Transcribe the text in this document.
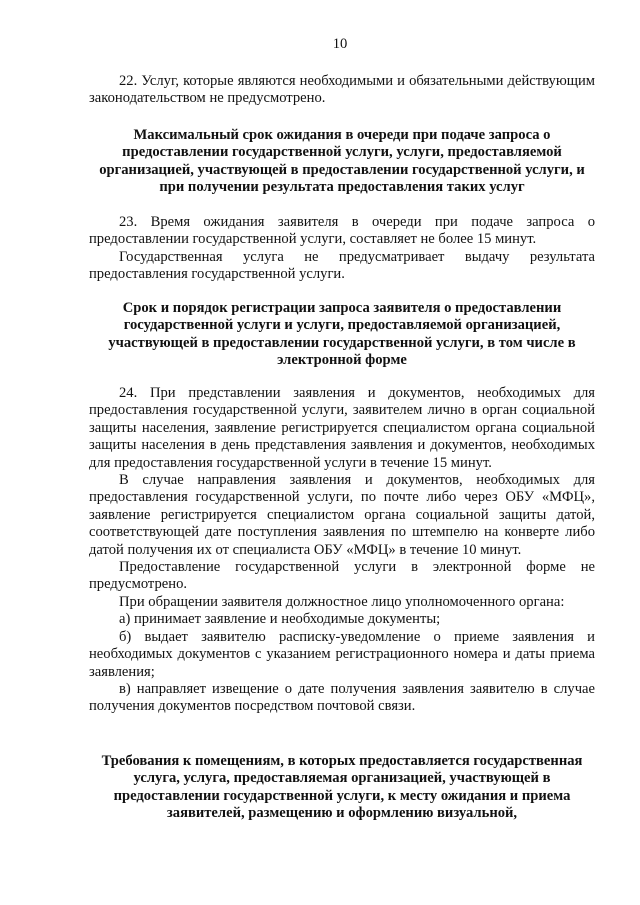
10

22. Услуг, которые являются необходимыми и обязательными действующим законодательством не предусмотрено.

Максимальный срок ожидания в очереди при подаче запроса о предоставлении государственной услуги, услуги, предоставляемой организацией, участвующей в предоставлении государственной услуги, и при получении результата предоставления таких услуг

23. Время ожидания заявителя в очереди при подаче запроса о предоставлении государственной услуги, составляет не более 15 минут.

Государственная услуга не предусматривает выдачу результата предоставления государственной услуги.

Срок и порядок регистрации запроса заявителя о предоставлении государственной услуги и услуги, предоставляемой организацией, участвующей в предоставлении государственной услуги, в том числе в электронной форме

24. При представлении заявления и документов, необходимых для предоставления государственной услуги, заявителем лично в орган социальной защиты населения, заявление регистрируется специалистом органа социальной защиты населения в день представления заявления и документов, необходимых для предоставления государственной услуги в течение 15 минут.

В случае направления заявления и документов, необходимых для предоставления государственной услуги, по почте либо через ОБУ «МФЦ», заявление регистрируется специалистом органа социальной защиты датой, соответствующей дате поступления заявления по штемпелю на конверте либо датой получения их от специалиста ОБУ «МФЦ» в течение 10 минут.

Предоставление государственной услуги в электронной форме не предусмотрено.

При обращении заявителя должностное лицо уполномоченного органа:

а) принимает заявление и необходимые документы;

б) выдает заявителю расписку-уведомление о приеме заявления и необходимых документов с указанием регистрационного номера и даты приема заявления;

в) направляет извещение о дате получения заявления заявителю в случае получения документов посредством почтовой связи.

Требования к помещениям, в которых предоставляется государственная услуга, услуга, предоставляемая организацией, участвующей в предоставлении государственной услуги, к месту ожидания и приема заявителей, размещению и оформлению визуальной,
